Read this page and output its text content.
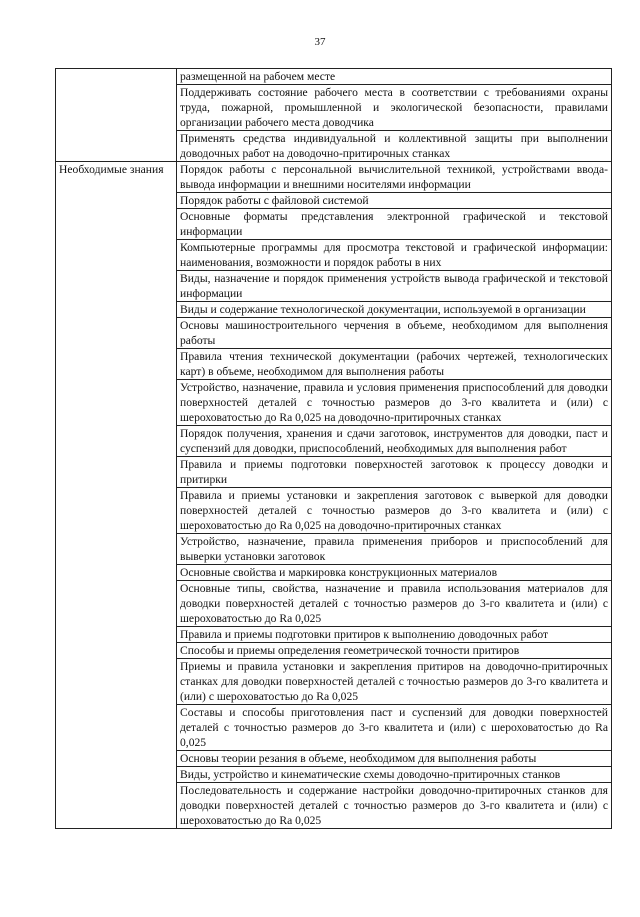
37
	размещенной на рабочем месте
	Поддерживать состояние рабочего места в соответствии с требованиями охраны труда, пожарной, промышленной и экологической безопасности, правилами организации рабочего места доводчика
	Применять средства индивидуальной и коллективной защиты при выполнении доводочных работ на доводочно-притирочных станках
Необходимые знания	Порядок работы с персональной вычислительной техникой, устройствами ввода-вывода информации и внешними носителями информации
	Порядок работы с файловой системой
	Основные форматы представления электронной графической и текстовой информации
	Компьютерные программы для просмотра текстовой и графической информации: наименования, возможности и порядок работы в них
	Виды, назначение и порядок применения устройств вывода графической и текстовой информации
	Виды и содержание технологической документации, используемой в организации
	Основы машиностроительного черчения в объеме, необходимом для выполнения работы
	Правила чтения технической документации (рабочих чертежей, технологических карт) в объеме, необходимом для выполнения работы
	Устройство, назначение, правила и условия применения приспособлений для доводки поверхностей деталей с точностью размеров до 3-го квалитета и (или) с шероховатостью до Ra 0,025 на доводочно-притирочных станках
	Порядок получения, хранения и сдачи заготовок, инструментов для доводки, паст и суспензий для доводки, приспособлений, необходимых для выполнения работ
	Правила и приемы подготовки поверхностей заготовок к процессу доводки и притирки
	Правила и приемы установки и закрепления заготовок с выверкой для доводки поверхностей деталей с точностью размеров до 3-го квалитета и (или) с шероховатостью до Ra 0,025 на доводочно-притирочных станках
	Устройство, назначение, правила применения приборов и приспособлений для выверки установки заготовок
	Основные свойства и маркировка конструкционных материалов
	Основные типы, свойства, назначение и правила использования материалов для доводки поверхностей деталей с точностью размеров до 3-го квалитета и (или) с шероховатостью до Ra 0,025
	Правила и приемы подготовки притиров к выполнению доводочных работ
	Способы и приемы определения геометрической точности притиров
	Приемы и правила установки и закрепления притиров на доводочно-притирочных станках для доводки поверхностей деталей с точностью размеров до 3-го квалитета и (или) с шероховатостью до Ra 0,025
	Составы и способы приготовления паст и суспензий для доводки поверхностей деталей с точностью размеров до 3-го квалитета и (или) с шероховатостью до Ra 0,025
	Основы теории резания в объеме, необходимом для выполнения работы
	Виды, устройство и кинематические схемы доводочно-притирочных станков
	Последовательность и содержание настройки доводочно-притирочных станков для доводки поверхностей деталей с точностью размеров до 3-го квалитета и (или) с шероховатостью до Ra 0,025
